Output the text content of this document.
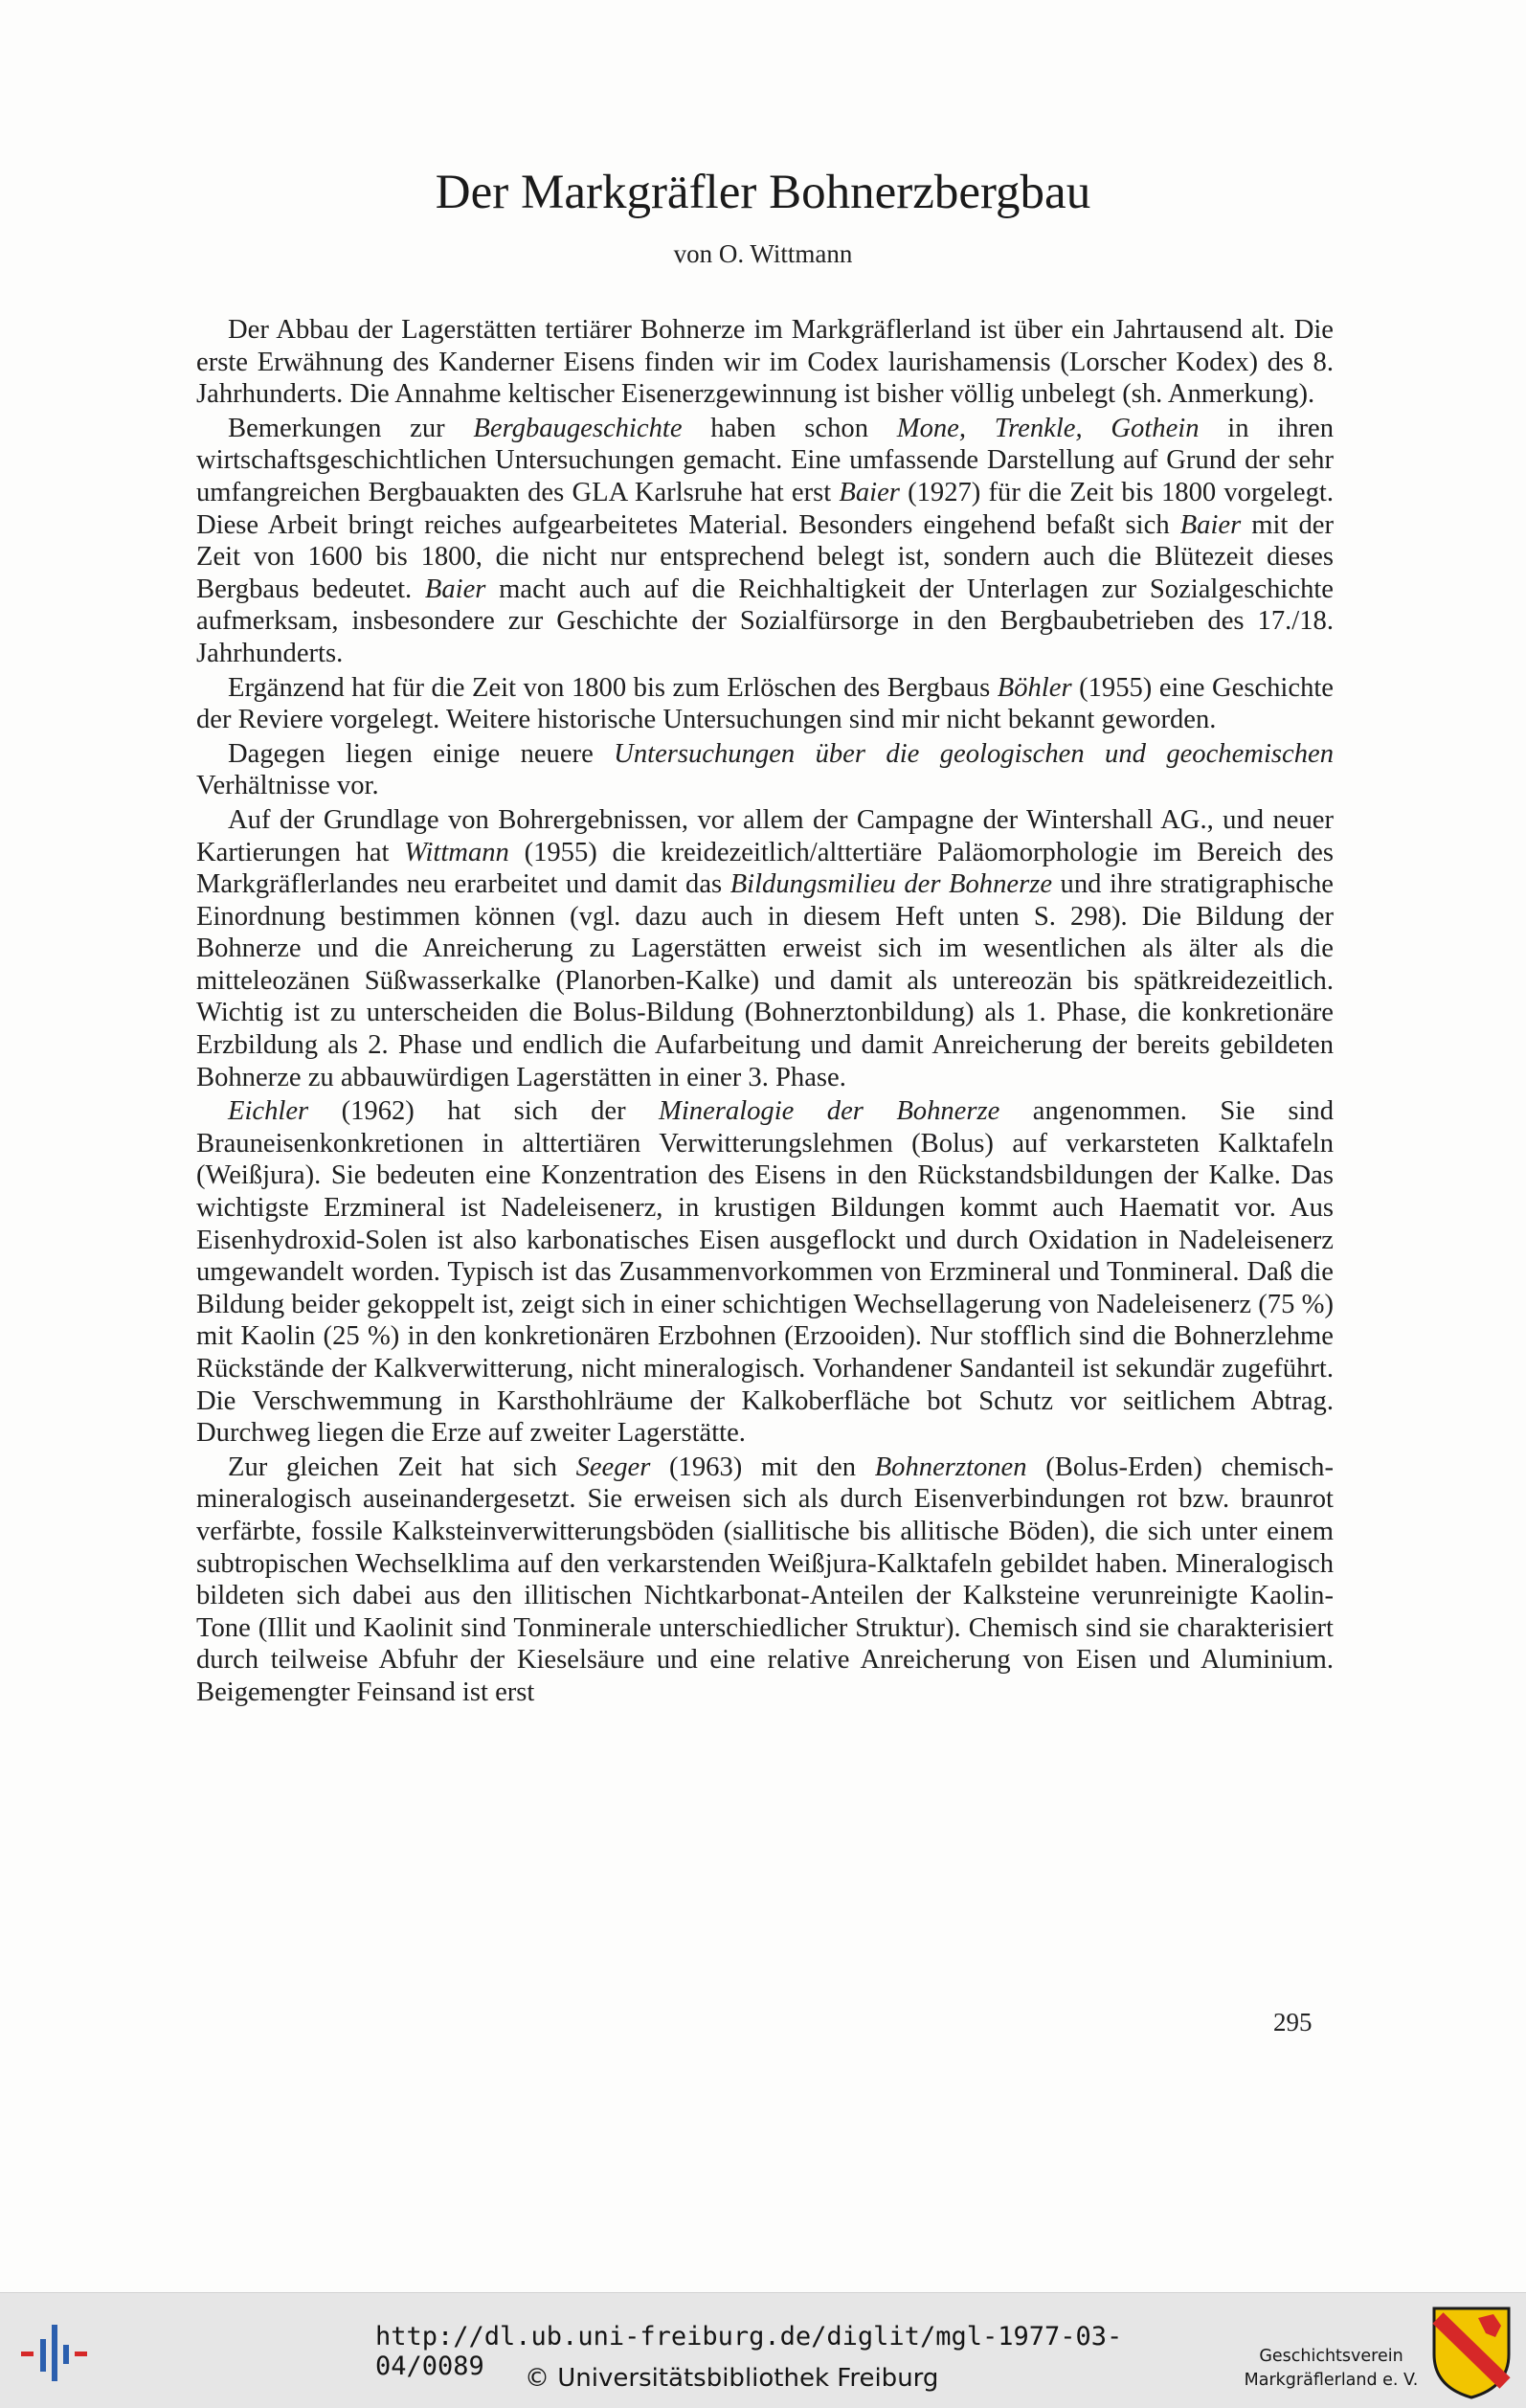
Der Markgräfler Bohnerzbergbau
von O. Wittmann

Der Abbau der Lagerstätten tertiärer Bohnerze im Markgräflerland ist über ein Jahrtausend alt. Die erste Erwähnung des Kanderner Eisens finden wir im Codex laurishamensis (Lorscher Kodex) des 8. Jahrhunderts. Die Annahme keltischer Eisenerzgewinnung ist bisher völlig unbelegt (sh. Anmerkung).

Bemerkungen zur Bergbaugeschichte haben schon Mone, Trenkle, Gothein in ihren wirtschaftsgeschichtlichen Untersuchungen gemacht. Eine umfassende Darstellung auf Grund der sehr umfangreichen Bergbauakten des GLA Karlsruhe hat erst Baier (1927) für die Zeit bis 1800 vorgelegt. Diese Arbeit bringt reiches aufgearbeitetes Material. Besonders eingehend befaßt sich Baier mit der Zeit von 1600 bis 1800, die nicht nur entsprechend belegt ist, sondern auch die Blütezeit dieses Bergbaus bedeutet. Baier macht auch auf die Reichhaltigkeit der Unterlagen zur Sozialgeschichte aufmerksam, insbesondere zur Geschichte der Sozialfürsorge in den Bergbaubetrieben des 17./18. Jahrhunderts.

Ergänzend hat für die Zeit von 1800 bis zum Erlöschen des Bergbaus Böhler (1955) eine Geschichte der Reviere vorgelegt. Weitere historische Untersuchungen sind mir nicht bekannt geworden.

Dagegen liegen einige neuere Untersuchungen über die geologischen und geochemischen Verhältnisse vor.

Auf der Grundlage von Bohrergebnissen, vor allem der Campagne der Wintershall AG., und neuer Kartierungen hat Wittmann (1955) die kreidezeitlich/alttertiäre Paläomorphologie im Bereich des Markgräflerlandes neu erarbeitet und damit das Bildungsmilieu der Bohnerze und ihre stratigraphische Einordnung bestimmen können (vgl. dazu auch in diesem Heft unten S. 298). Die Bildung der Bohnerze und die Anreicherung zu Lagerstätten erweist sich im wesentlichen als älter als die mitteleozänen Süßwasserkalke (Planorben-Kalke) und damit als untereozän bis spätkreidezeitlich. Wichtig ist zu unterscheiden die Bolus-Bildung (Bohnerztonbildung) als 1. Phase, die konkretionäre Erzbildung als 2. Phase und endlich die Aufarbeitung und damit Anreicherung der bereits gebildeten Bohnerze zu abbauwürdigen Lagerstätten in einer 3. Phase.

Eichler (1962) hat sich der Mineralogie der Bohnerze angenommen. Sie sind Brauneisenkonkretionen in alttertiären Verwitterungslehmen (Bolus) auf verkarsteten Kalktafeln (Weißjura). Sie bedeuten eine Konzentration des Eisens in den Rückstandsbildungen der Kalke. Das wichtigste Erzmineral ist Nadeleisenerz, in krustigen Bildungen kommt auch Haematit vor. Aus Eisenhydroxid-Solen ist also karbonatisches Eisen ausgeflockt und durch Oxidation in Nadeleisenerz umgewandelt worden. Typisch ist das Zusammenvorkommen von Erzmineral und Tonmineral. Daß die Bildung beider gekoppelt ist, zeigt sich in einer schichtigen Wechsellagerung von Nadeleisenerz (75 %) mit Kaolin (25 %) in den konkretionären Erzbohnen (Erzooiden). Nur stofflich sind die Bohnerzlehme Rückstände der Kalkverwitterung, nicht mineralogisch. Vorhandener Sandanteil ist sekundär zugeführt. Die Verschwemmung in Karsthohlräume der Kalkoberfläche bot Schutz vor seitlichem Abtrag. Durchweg liegen die Erze auf zweiter Lagerstätte.

Zur gleichen Zeit hat sich Seeger (1963) mit den Bohnerztonen (Bolus-Erden) chemisch-mineralogisch auseinandergesetzt. Sie erweisen sich als durch Eisenverbindungen rot bzw. braunrot verfärbte, fossile Kalksteinverwitterungsböden (siallitische bis allitische Böden), die sich unter einem subtropischen Wechselklima auf den verkarstenden Weißjura-Kalktafeln gebildet haben. Mineralogisch bildeten sich dabei aus den illitischen Nichtkarbonat-Anteilen der Kalksteine verunreinigte Kaolin-Tone (Illit und Kaolinit sind Tonminerale unterschiedlicher Struktur). Chemisch sind sie charakterisiert durch teilweise Abfuhr der Kieselsäure und eine relative Anreicherung von Eisen und Aluminium. Beigemengter Feinsand ist erst

295
http://dl.ub.uni-freiburg.de/diglit/mgl-1977-03-04/0089	© Universitätsbibliothek Freiburg
Geschichtsverein
Markgräflerland e. V.
